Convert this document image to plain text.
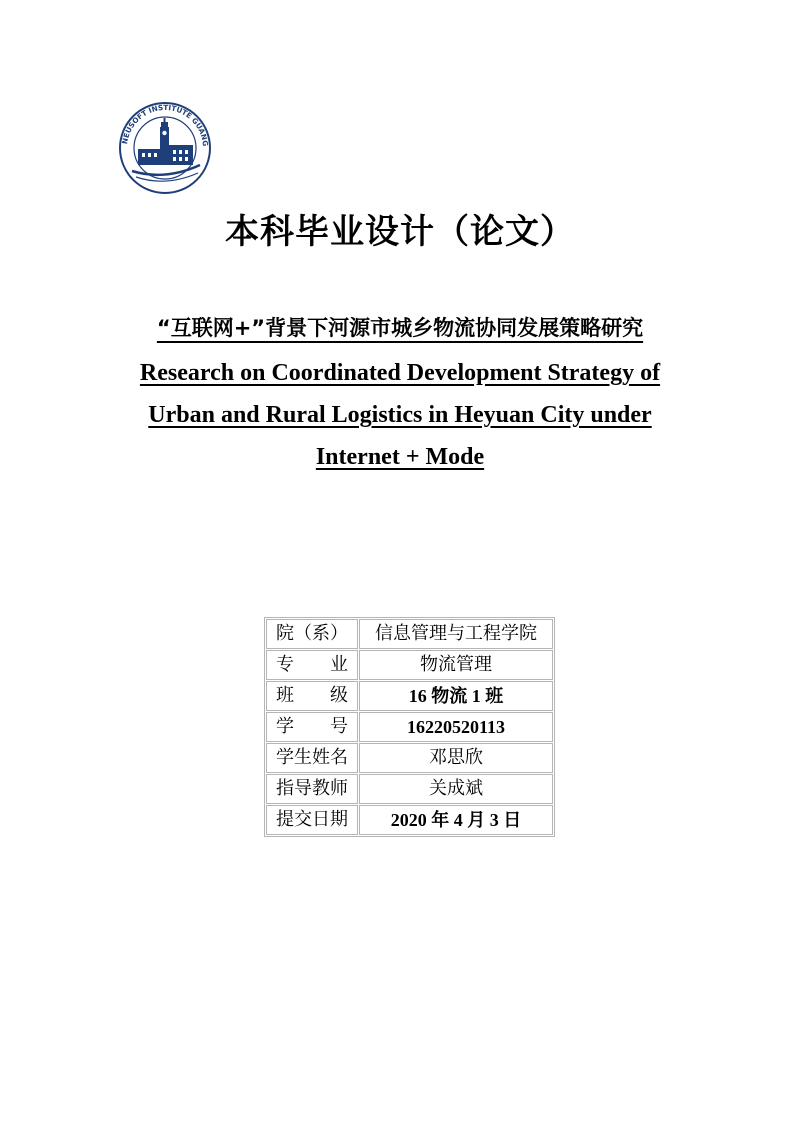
NEUSOFT INSTITUTE GUANG
本科毕业设计（论文）
“互联网+”背景下河源市城乡物流协同发展策略研究
Research on Coordinated Development Strategy of
Urban and Rural Logistics in Heyuan City under
Internet + Mode
院（系）	信息管理与工程学院
专　　业	物流管理
班　　级	16 物流 1 班
学　　号	16220520113
学生姓名	邓思欣
指导教师	关成斌
提交日期	2020 年 4 月 3 日
